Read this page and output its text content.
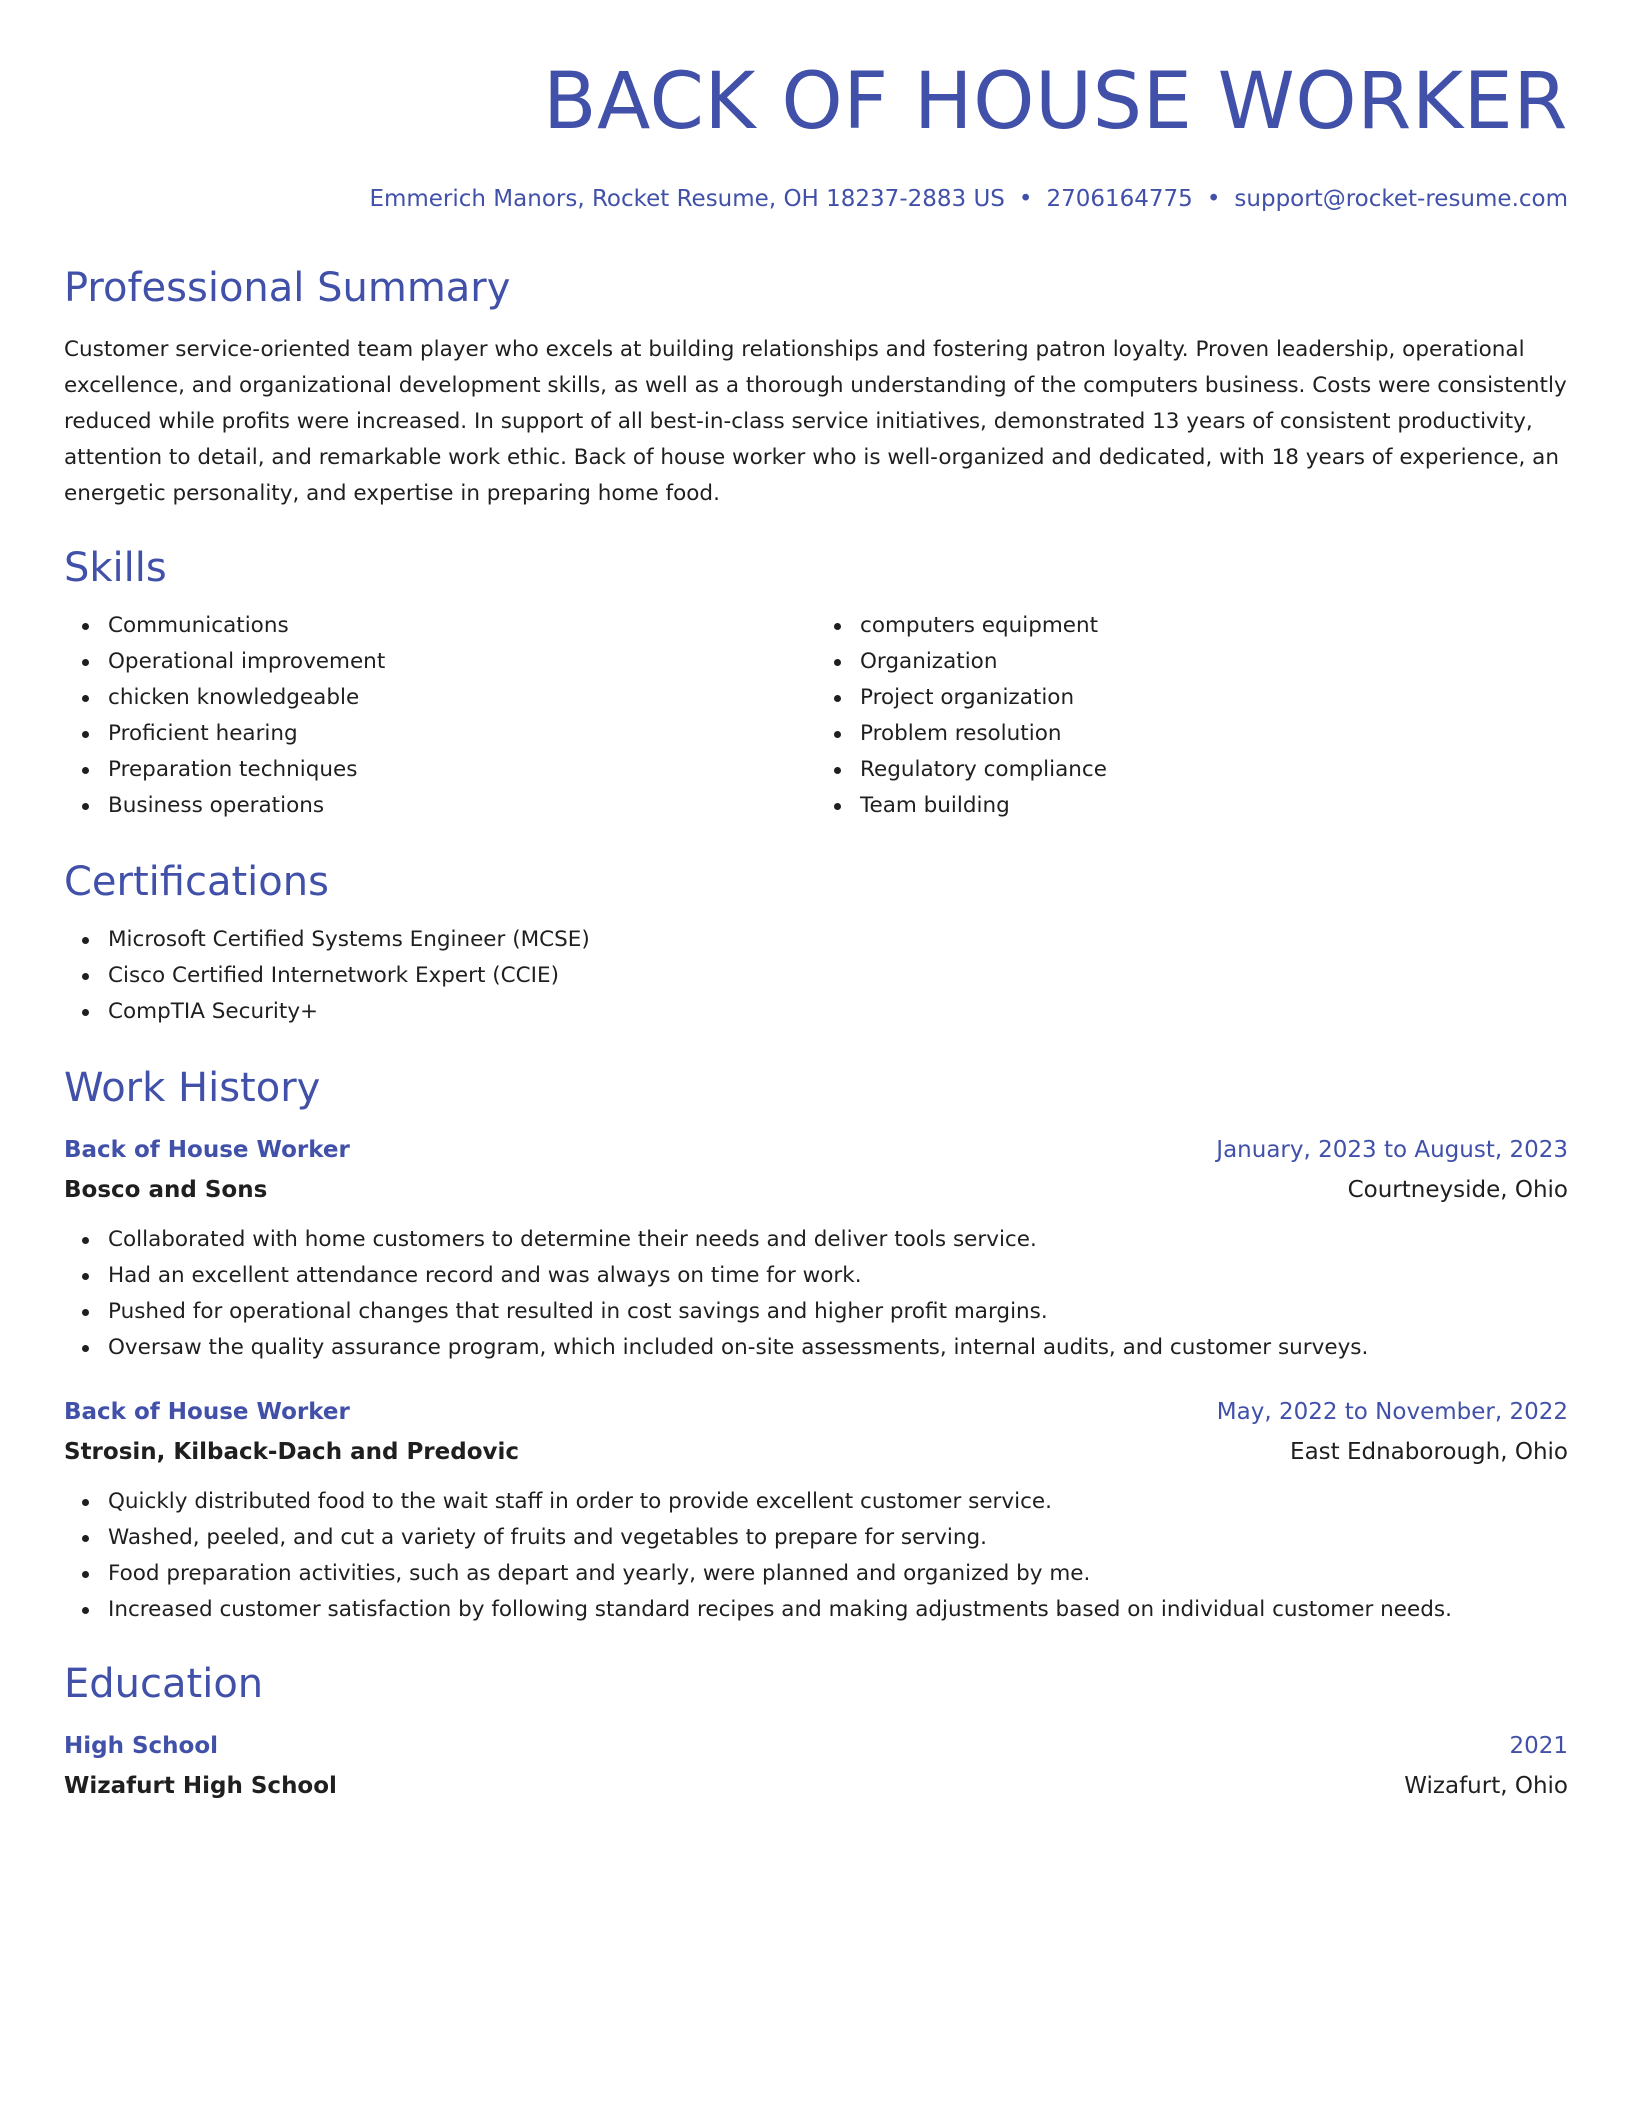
BACK OF HOUSE WORKER
Emmerich Manors, Rocket Resume, OH 18237-2883 US • 2706164775 • support@rocket-resume.com
Professional Summary

Customer service-oriented team player who excels at building relationships and fostering patron loyalty. Proven leadership, operational excellence, and organizational development skills, as well as a thorough understanding of the computers business. Costs were consistently reduced while profits were increased. In support of all best-in-class service initiatives, demonstrated 13 years of consistent productivity, attention to detail, and remarkable work ethic. Back of house worker who is well-organized and dedicated, with 18 years of experience, an energetic personality, and expertise in preparing home food.

Skills
Communications
Operational improvement
chicken knowledgeable
Proficient hearing
Preparation techniques
Business operations
computers equipment
Organization
Project organization
Problem resolution
Regulatory compliance
Team building
Certifications
Microsoft Certified Systems Engineer (MCSE)
Cisco Certified Internetwork Expert (CCIE)
CompTIA Security+
Work History
Back of House Worker	January, 2023 to August, 2023
Bosco and Sons	Courtneyside, Ohio
Collaborated with home customers to determine their needs and deliver tools service.
Had an excellent attendance record and was always on time for work.
Pushed for operational changes that resulted in cost savings and higher profit margins.
Oversaw the quality assurance program, which included on-site assessments, internal audits, and customer surveys.
Back of House Worker	May, 2022 to November, 2022
Strosin, Kilback-Dach and Predovic	East Ednaborough, Ohio
Quickly distributed food to the wait staff in order to provide excellent customer service.
Washed, peeled, and cut a variety of fruits and vegetables to prepare for serving.
Food preparation activities, such as depart and yearly, were planned and organized by me.
Increased customer satisfaction by following standard recipes and making adjustments based on individual customer needs.
Education
High School	2021
Wizafurt High School	Wizafurt, Ohio
